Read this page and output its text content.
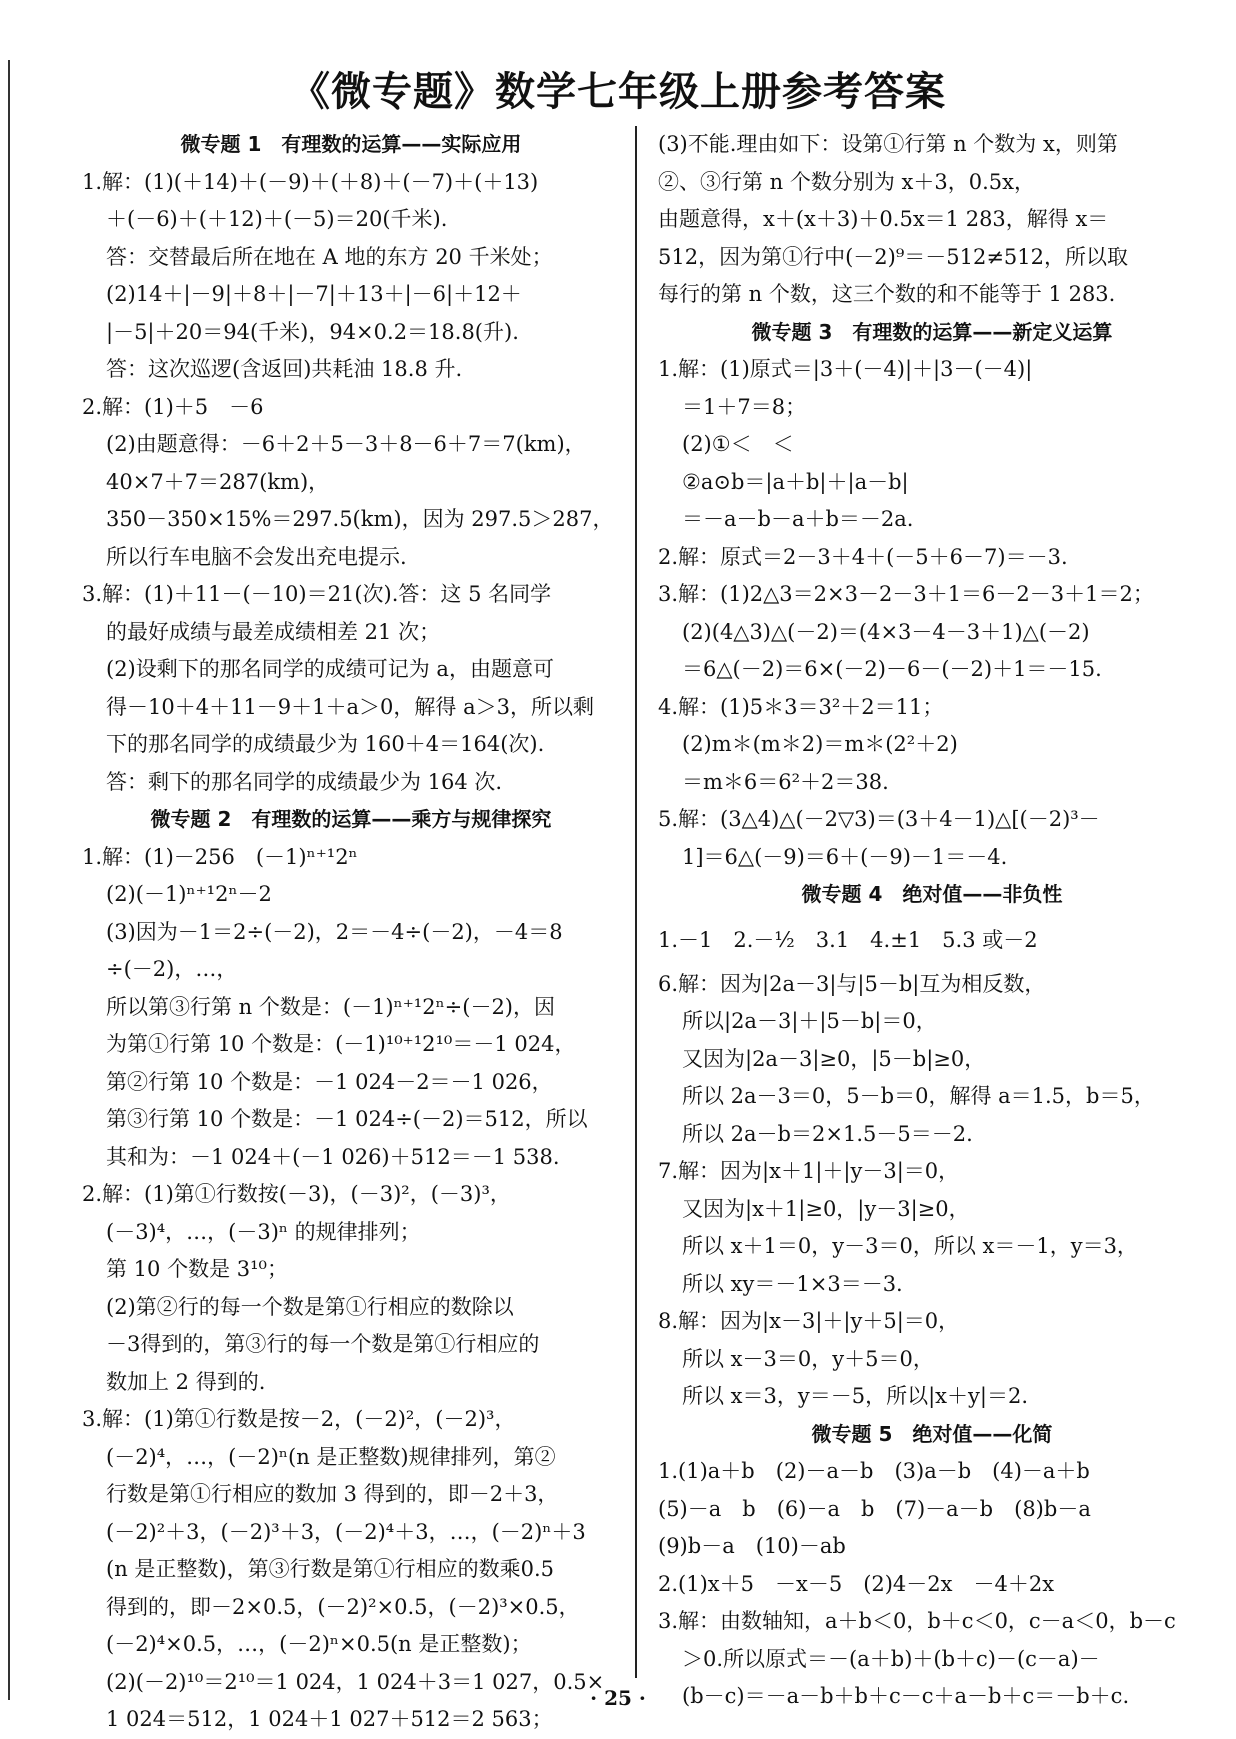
《微专题》数学七年级上册参考答案
微专题 1　有理数的运算——实际应用
1.解：(1)(＋14)＋(－9)＋(＋8)＋(－7)＋(＋13)
＋(－6)＋(＋12)＋(－5)＝20(千米).
答：交替最后所在地在 A 地的东方 20 千米处；
(2)14＋|－9|＋8＋|－7|＋13＋|－6|＋12＋
|－5|＋20＝94(千米)，94×0.2＝18.8(升).
答：这次巡逻(含返回)共耗油 18.8 升.
2.解：(1)＋5　－6
(2)由题意得：－6＋2＋5－3＋8－6＋7＝7(km)，
40×7＋7＝287(km)，
350－350×15%＝297.5(km)，因为 297.5＞287，
所以行车电脑不会发出充电提示.
3.解：(1)＋11－(－10)＝21(次).答：这 5 名同学
的最好成绩与最差成绩相差 21 次；
(2)设剩下的那名同学的成绩可记为 a，由题意可
得－10＋4＋11－9＋1＋a＞0，解得 a＞3，所以剩
下的那名同学的成绩最少为 160＋4＝164(次).
答：剩下的那名同学的成绩最少为 164 次.
微专题 2　有理数的运算——乘方与规律探究
1.解：(1)－256　(－1)ⁿ⁺¹2ⁿ
(2)(－1)ⁿ⁺¹2ⁿ－2
(3)因为－1＝2÷(－2)，2＝－4÷(－2)，－4＝8
÷(－2)，…，
所以第③行第 n 个数是：(－1)ⁿ⁺¹2ⁿ÷(－2)，因
为第①行第 10 个数是：(－1)¹⁰⁺¹2¹⁰＝－1 024，
第②行第 10 个数是：－1 024－2＝－1 026，
第③行第 10 个数是：－1 024÷(－2)＝512，所以
其和为：－1 024＋(－1 026)＋512＝－1 538.
2.解：(1)第①行数按(－3)，(－3)²，(－3)³，
(－3)⁴，…，(－3)ⁿ 的规律排列；
第 10 个数是 3¹⁰；
(2)第②行的每一个数是第①行相应的数除以
－3得到的，第③行的每一个数是第①行相应的
数加上 2 得到的.
3.解：(1)第①行数是按－2，(－2)²，(－2)³，
(－2)⁴，…，(－2)ⁿ(n 是正整数)规律排列，第②
行数是第①行相应的数加 3 得到的，即－2＋3，
(－2)²＋3，(－2)³＋3，(－2)⁴＋3，…，(－2)ⁿ＋3
(n 是正整数)，第③行数是第①行相应的数乘0.5
得到的，即－2×0.5，(－2)²×0.5，(－2)³×0.5，
(－2)⁴×0.5，…，(－2)ⁿ×0.5(n 是正整数)；
(2)(－2)¹⁰＝2¹⁰＝1 024，1 024＋3＝1 027，0.5×
1 024＝512，1 024＋1 027＋512＝2 563；
(3)不能.理由如下：设第①行第 n 个数为 x，则第
②、③行第 n 个数分别为 x＋3，0.5x，
由题意得，x＋(x＋3)＋0.5x＝1 283，解得 x＝
512，因为第①行中(－2)⁹＝－512≠512，所以取
每行的第 n 个数，这三个数的和不能等于 1 283.
微专题 3　有理数的运算——新定义运算
1.解：(1)原式＝|3＋(－4)|＋|3－(－4)|
＝1＋7＝8；
(2)①＜　＜
②a⊙b＝|a＋b|＋|a－b|
＝－a－b－a＋b＝－2a.
2.解：原式＝2－3＋4＋(－5＋6－7)＝－3.
3.解：(1)2△3＝2×3－2－3＋1＝6－2－3＋1＝2；
(2)(4△3)△(－2)＝(4×3－4－3＋1)△(－2)
＝6△(－2)＝6×(－2)－6－(－2)＋1＝－15.
4.解：(1)5＊3＝3²＋2＝11；
(2)m＊(m＊2)＝m＊(2²＋2)
＝m＊6＝6²＋2＝38.
5.解：(3△4)△(－2▽3)＝(3＋4－1)△[(－2)³－
1]＝6△(－9)＝6＋(－9)－1＝－4.
微专题 4　绝对值——非负性
1.－1　2.－½　3.1　4.±1　5.3 或－2
6.解：因为|2a－3|与|5－b|互为相反数，
所以|2a－3|＋|5－b|＝0，
又因为|2a－3|≥0，|5－b|≥0，
所以 2a－3＝0，5－b＝0，解得 a＝1.5，b＝5，
所以 2a－b＝2×1.5－5＝－2.
7.解：因为|x＋1|＋|y－3|＝0，
又因为|x＋1|≥0，|y－3|≥0，
所以 x＋1＝0，y－3＝0，所以 x＝－1，y＝3，
所以 xy＝－1×3＝－3.
8.解：因为|x－3|＋|y＋5|＝0，
所以 x－3＝0，y＋5＝0，
所以 x＝3，y＝－5，所以|x＋y|＝2.
微专题 5　绝对值——化简
1.(1)a＋b　(2)－a－b　(3)a－b　(4)－a＋b
(5)－a　b　(6)－a　b　(7)－a－b　(8)b－a
(9)b－a　(10)－ab
2.(1)x＋5　－x－5　(2)4－2x　－4＋2x
3.解：由数轴知，a＋b＜0，b＋c＜0，c－a＜0，b－c
＞0.所以原式＝－(a＋b)＋(b＋c)－(c－a)－
(b－c)＝－a－b＋b＋c－c＋a－b＋c＝－b＋c.
· 25 ·
